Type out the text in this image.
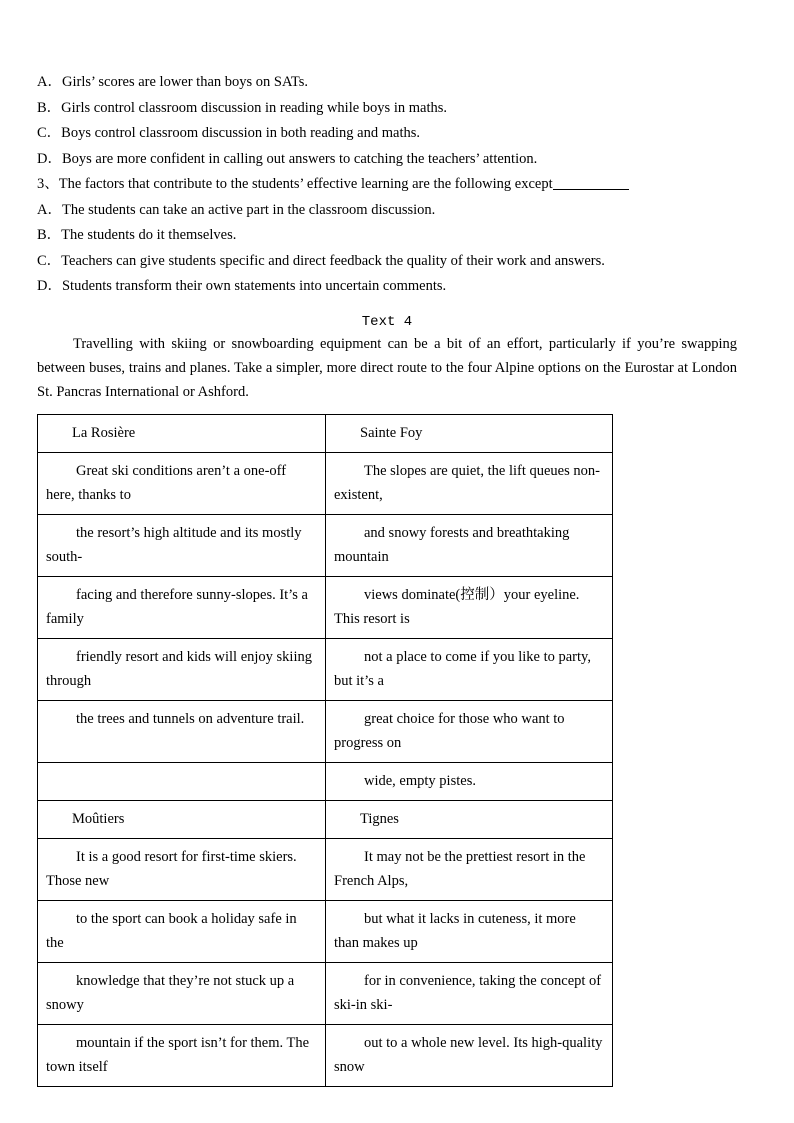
A．Girls’ scores are lower than boys on SATs.
B．Girls control classroom discussion in reading while boys in maths.
C．Boys control classroom discussion in both reading and maths.
D．Boys are more confident in calling out answers to catching the teachers’ attention.
3、The factors that contribute to the students’ effective learning are the following except
A．The students can take an active part in the classroom discussion.
B．The students do it themselves.
C．Teachers can give students specific and direct feedback the quality of their work and answers.
D．Students transform their own statements into uncertain comments.
Text 4

Travelling with skiing or snowboarding equipment can be a bit of an effort, particularly if you’re swapping between buses, trains and planes. Take a simpler, more direct route to the four Alpine options on the Eurostar at London St. Pancras International or Ashford.

La Rosière	Sainte Foy

Great ski conditions aren’t a one-off here, thanks to	The slopes are quiet, the lift queues non-existent,

the resort’s high altitude and its mostly south-	and snowy forests and breathtaking mountain

facing and therefore sunny-slopes. It’s a family	views dominate(控制）your eyeline. This resort is

friendly resort and kids will enjoy skiing through	not a place to come if you like to party, but it’s a

the trees and tunnels on adventure trail.	great choice for those who want to progress on

	wide, empty pistes.

Moûtiers	Tignes

It is a good resort for first-time skiers. Those new	It may not be the prettiest resort in the French Alps,

to the sport can book a holiday safe in the	but what it lacks in cuteness, it more than makes up

knowledge that they’re not stuck up a snowy	for in convenience, taking the concept of ski-in ski-

mountain if the sport isn’t for them. The town itself	out to a whole new level. Its high-quality snow
